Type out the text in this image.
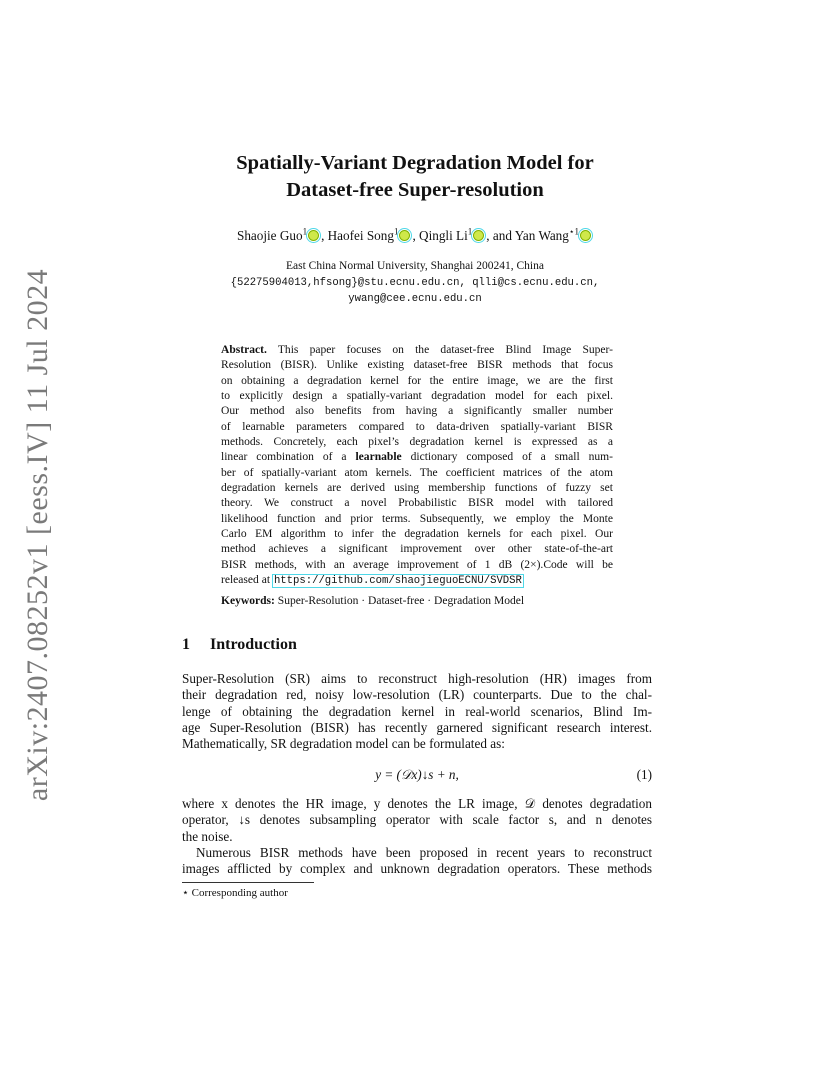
arXiv:2407.08252v1 [eess.IV] 11 Jul 2024
Spatially-Variant Degradation Model for
Dataset-free Super-resolution
Shaojie Guo$^1$ , Haofei Song$^1$ , Qingli Li$^1$ , and Yan Wang$^{⋆1}$
East China Normal University, Shanghai 200241, China
{52275904013,hfsong}@stu.ecnu.edu.cn, qlli@cs.ecnu.edu.cn,
ywang@cee.ecnu.edu.cn
Abstract. This paper focuses on the dataset-free Blind Image Super-
Resolution (BISR). Unlike existing dataset-free BISR methods that focus
on obtaining a degradation kernel for the entire image, we are the first
to explicitly design a spatially-variant degradation model for each pixel.
Our method also benefits from having a significantly smaller number
of learnable parameters compared to data-driven spatially-variant BISR
methods. Concretely, each pixel’s degradation kernel is expressed as a
linear combination of a learnable dictionary composed of a small num-
ber of spatially-variant atom kernels. The coefficient matrices of the atom
degradation kernels are derived using membership functions of fuzzy set
theory. We construct a novel Probabilistic BISR model with tailored
likelihood function and prior terms. Subsequently, we employ the Monte
Carlo EM algorithm to infer the degradation kernels for each pixel. Our
method achieves a significant improvement over other state-of-the-art
BISR methods, with an average improvement of 1 dB (2×).Code will be
released at https://github.com/shaojieguoECNU/SVDSR
Keywords: Super-Resolution · Dataset-free · Degradation Model
1 Introduction
Super-Resolution (SR) aims to reconstruct high-resolution (HR) images from
their degradation red, noisy low-resolution (LR) counterparts. Due to the chal-
lenge of obtaining the degradation kernel in real-world scenarios, Blind Im-
age Super-Resolution (BISR) has recently garnered significant research interest.
Mathematically, SR degradation model can be formulated as:
y = (𝒟x)↓s + n,	(1)
where x denotes the HR image, y denotes the LR image, 𝒟 denotes degradation
operator, ↓s denotes subsampling operator with scale factor s, and n denotes
the noise.
Numerous BISR methods have been proposed in recent years to reconstruct
images afflicted by complex and unknown degradation operators. These methods
⋆ Corresponding author
